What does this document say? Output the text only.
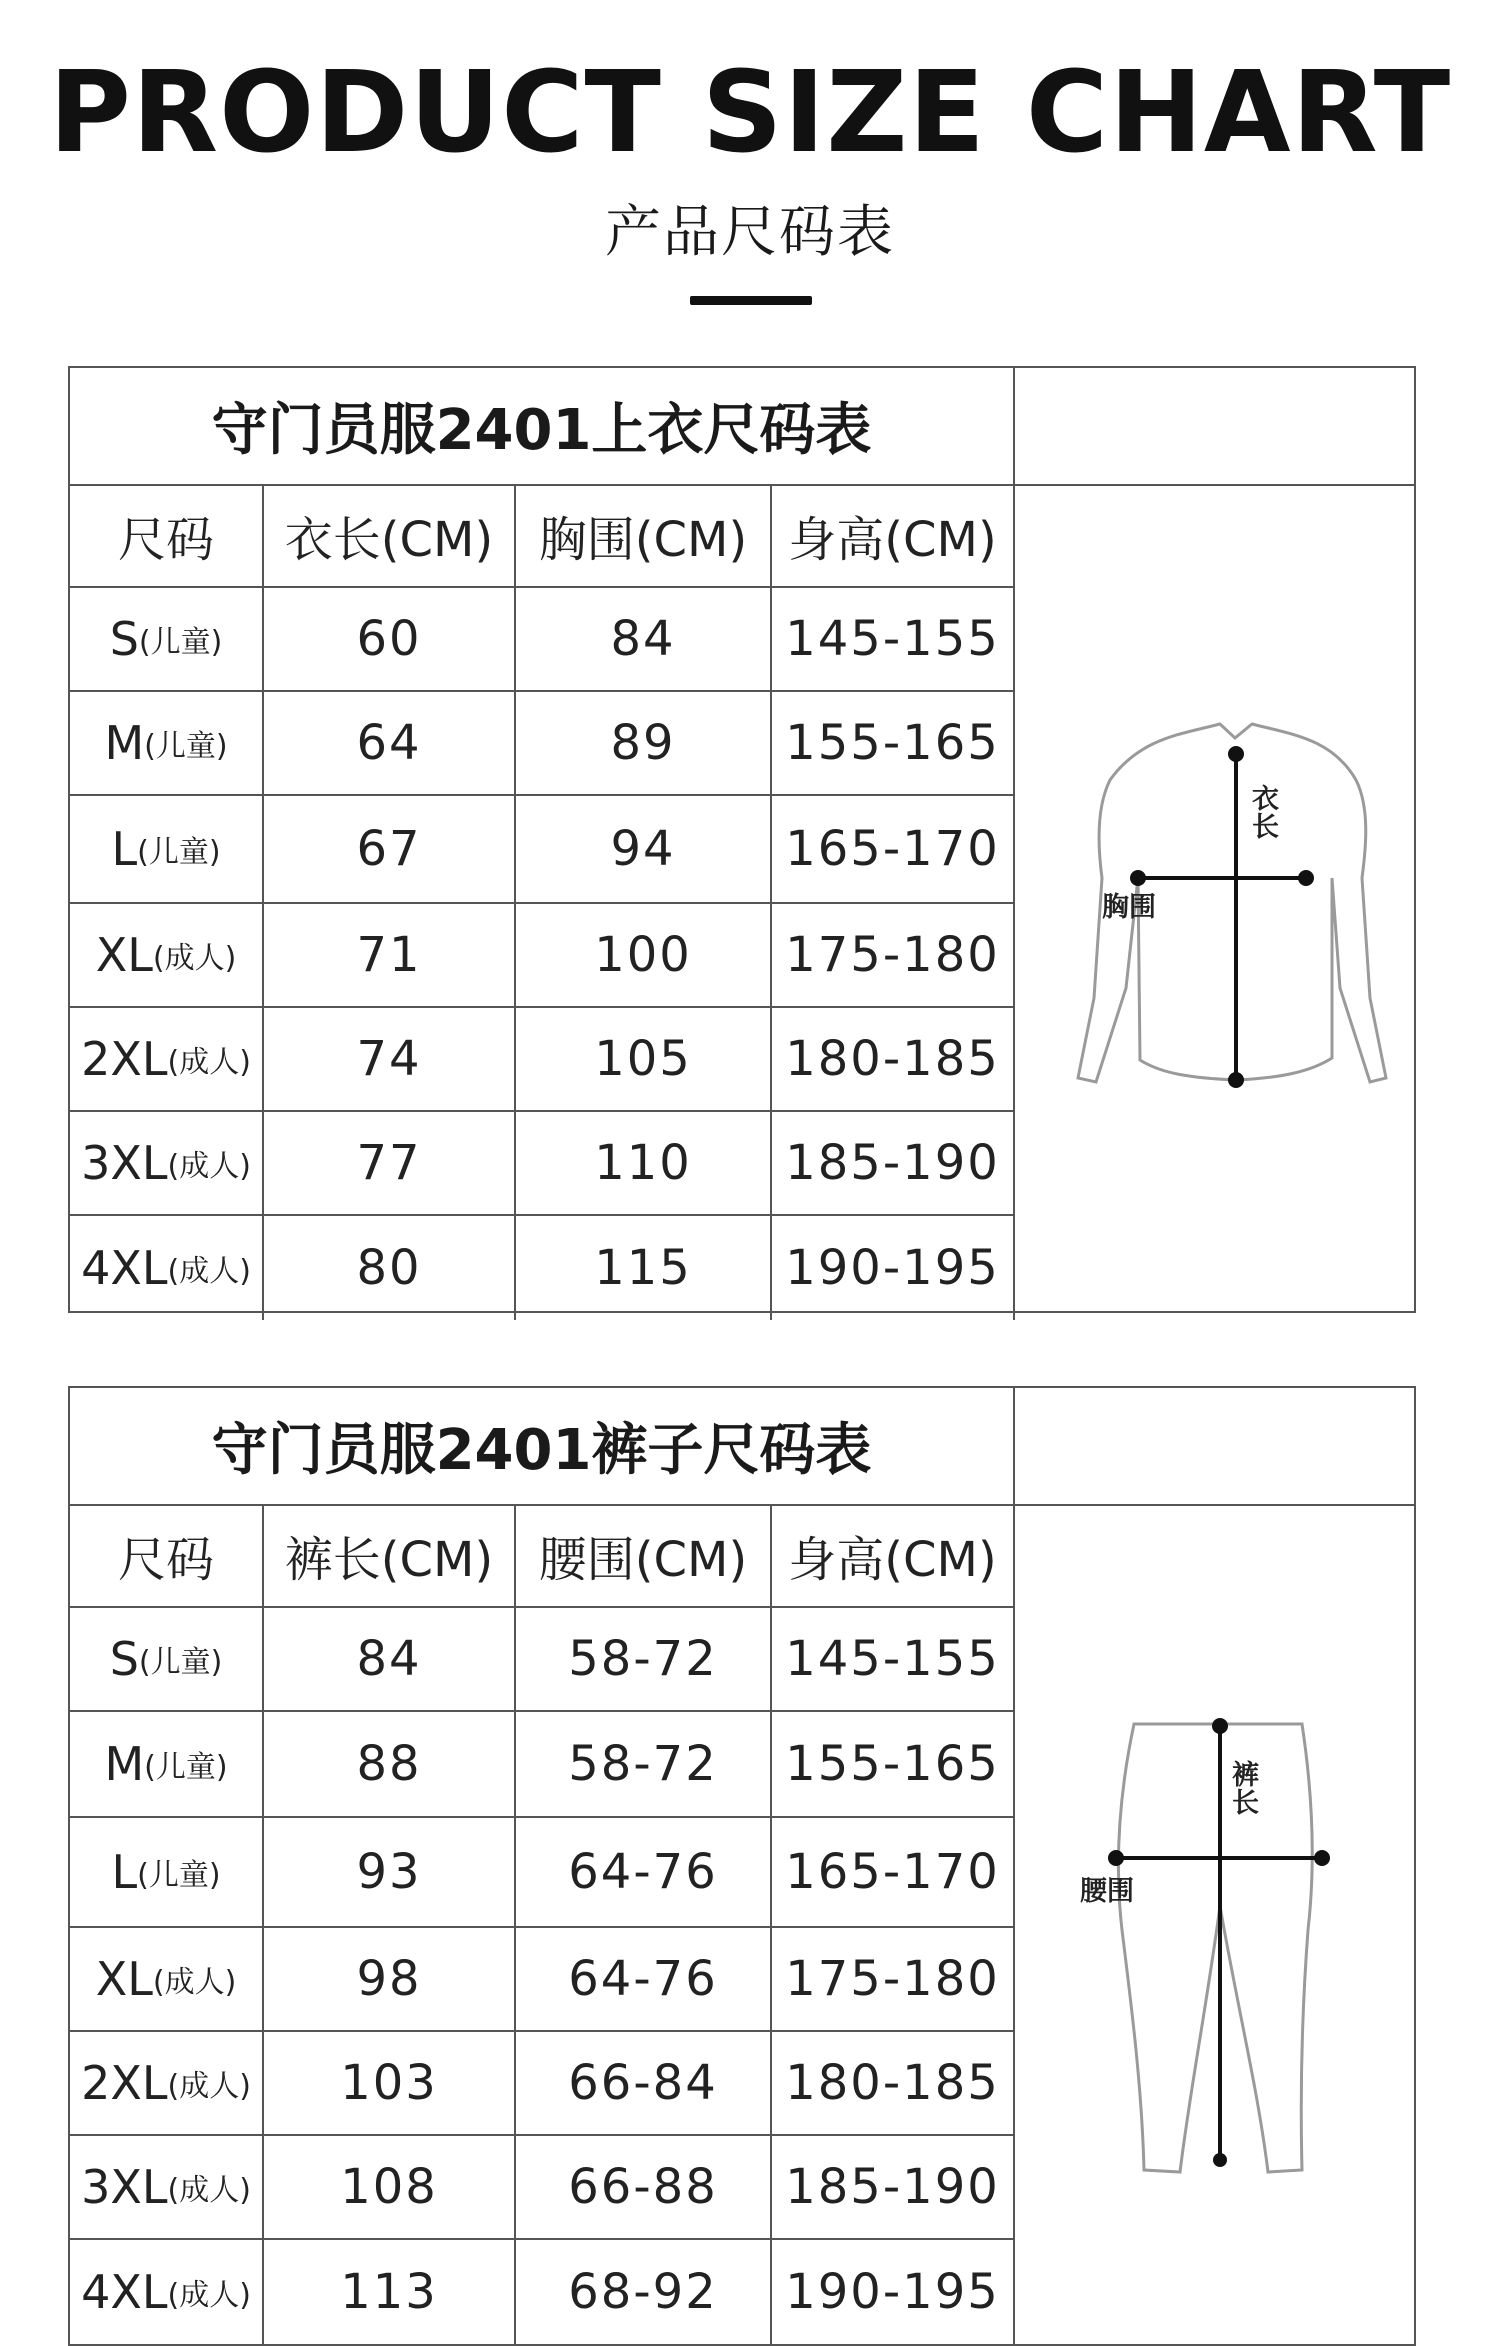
PRODUCT SIZE CHART
产品尺码表
守门员服2401上衣尺码表
尺码	衣长(CM) 胸围(CM) 身高(CM)
S (儿童)	60	84	145-155
M (儿童)	64	89	155-165
L (儿童)	67	94	165-170
XL (成人)	71	100	175-180
2XL (成人)	74	105	180-185
3XL (成人)	77	110	185-190
4XL (成人)	80	115	190-195
衣长
胸围
守门员服2401裤子尺码表
尺码	裤长(CM) 腰围(CM) 身高(CM)
S (儿童)	84	58-72	145-155
M (儿童)	88	58-72	155-165
L (儿童)	93	64-76	165-170
XL (成人)	98	64-76	175-180
2XL (成人)	103	66-84	180-185
3XL (成人)	108	66-88	185-190
4XL (成人)	113	68-92	190-195
裤长
腰围
